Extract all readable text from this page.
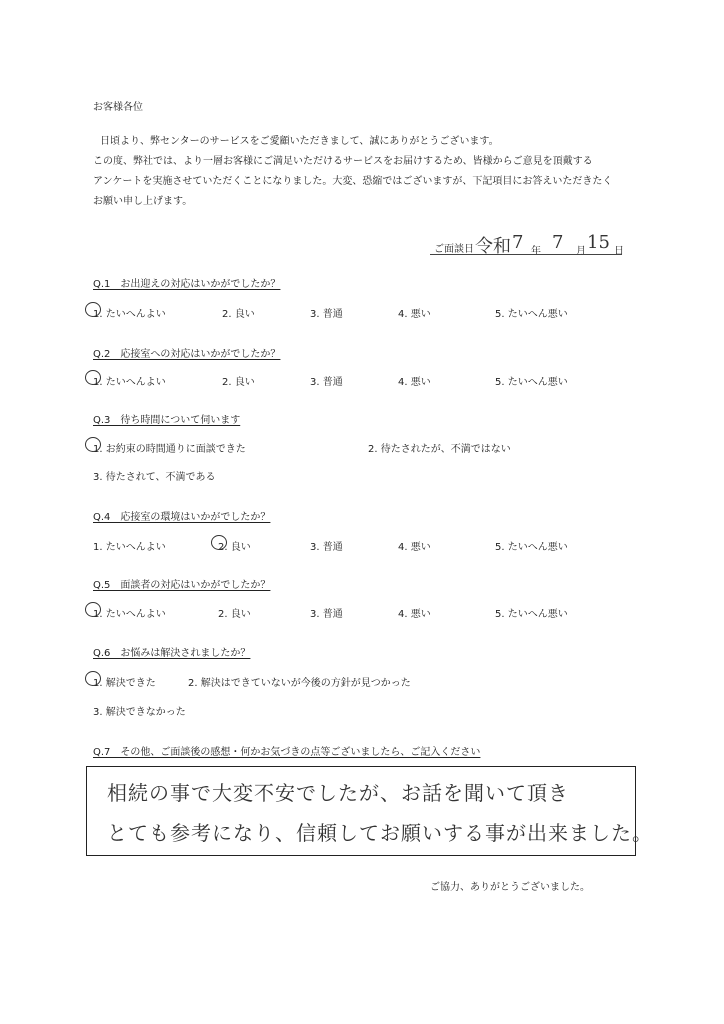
お客様各位
日頃より、弊センターのサービスをご愛顧いただきまして、誠にありがとうございます。
この度、弊社では、より一層お客様にご満足いただけるサービスをお届けするため、皆様からご意見を頂戴する
アンケートを実施させていただくことになりました。大変、恐縮ではございますが、下記項目にお答えいただきたく
お願い申し上げます。
ご面談日 令和 7 年 7 月 15 日
Q.1　お出迎えの対応はいかがでしたか？
1. たいへんよい	2. 良い	3. 普通	4. 悪い	5. たいへん悪い
Q.2　応接室への対応はいかがでしたか？
1. たいへんよい	2. 良い	3. 普通	4. 悪い	5. たいへん悪い
Q.3　待ち時間について伺います
1. お約束の時間通りに面談できた	2. 待たされたが、不満ではない
3. 待たされて、不満である
Q.4　応接室の環境はいかがでしたか？
1. たいへんよい	2. 良い	3. 普通	4. 悪い	5. たいへん悪い
Q.5　面談者の対応はいかがでしたか？
1. たいへんよい	2. 良い	3. 普通	4. 悪い	5. たいへん悪い
Q.6　お悩みは解決されましたか？
1. 解決できた	2. 解決はできていないが今後の方針が見つかった
3. 解決できなかった
Q.7　その他、ご面談後の感想・何かお気づきの点等ございましたら、ご記入ください
相続の事で大変不安でしたが、お話を聞いて頂き
とても参考になり、信頼してお願いする事が出来ました。
ご協力、ありがとうございました。
